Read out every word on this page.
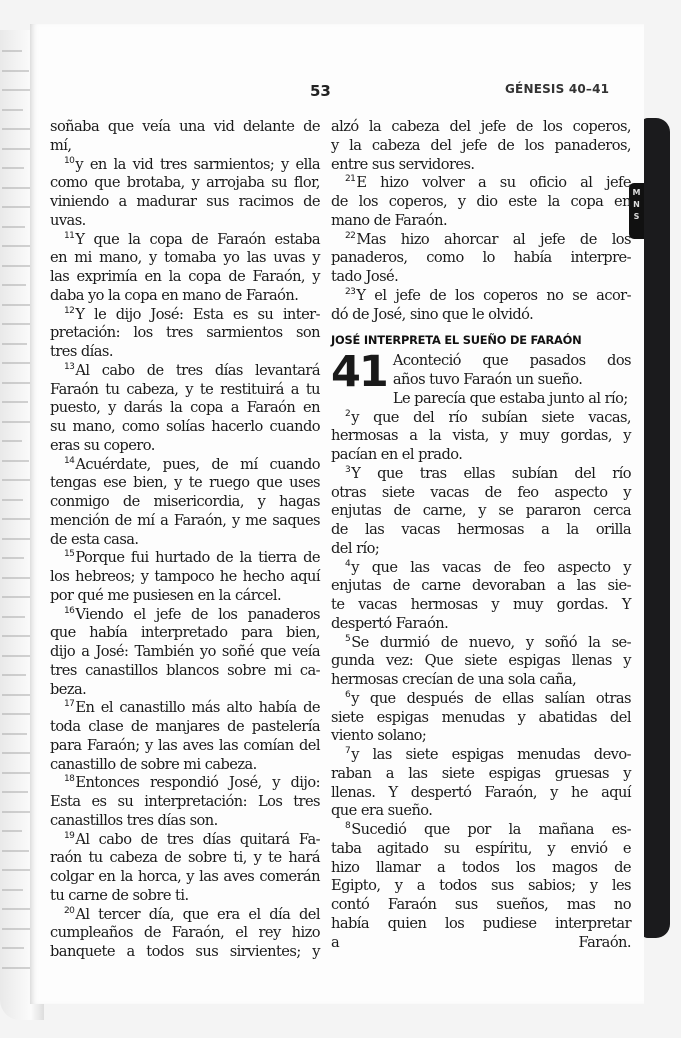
M
N
S
53	GÉNESIS 40–41
soñaba que veía una vid delante de
mí,
$^{10}$y en la vid tres sarmientos; y ella
como que brotaba, y arrojaba su flor,
viniendo a madurar sus racimos de
uvas.
$^{11}$Y que la copa de Faraón estaba
en mi mano, y tomaba yo las uvas y
las exprimía en la copa de Faraón, y
daba yo la copa en mano de Faraón.
$^{12}$Y le dijo José: Esta es su inter-
pretación: los tres sarmientos son
tres días.
$^{13}$Al cabo de tres días levantará
Faraón tu cabeza, y te restituirá a tu
puesto, y darás la copa a Faraón en
su mano, como solías hacerlo cuando
eras su copero.
$^{14}$Acuérdate, pues, de mí cuando
tengas ese bien, y te ruego que uses
conmigo de misericordia, y hagas
mención de mí a Faraón, y me saques
de esta casa.
$^{15}$Porque fui hurtado de la tierra de
los hebreos; y tampoco he hecho aquí
por qué me pusiesen en la cárcel.
$^{16}$Viendo el jefe de los panaderos
que había interpretado para bien,
dijo a José: También yo soñé que veía
tres canastillos blancos sobre mi ca-
beza.
$^{17}$En el canastillo más alto había de
toda clase de manjares de pastelería
para Faraón; y las aves las comían del
canastillo de sobre mi cabeza.
$^{18}$Entonces respondió José, y dijo:
Esta es su interpretación: Los tres
canastillos tres días son.
$^{19}$Al cabo de tres días quitará Fa-
raón tu cabeza de sobre ti, y te hará
colgar en la horca, y las aves comerán
tu carne de sobre ti.
$^{20}$Al tercer día, que era el día del
cumpleaños de Faraón, el rey hizo
banquete a todos sus sirvientes; y
alzó la cabeza del jefe de los coperos,
y la cabeza del jefe de los panaderos,
entre sus servidores.
$^{21}$E hizo volver a su oficio al jefe
de los coperos, y dio este la copa en
mano de Faraón.
$^{22}$Mas hizo ahorcar al jefe de los
panaderos, como lo había interpre-
tado José.
$^{23}$Y el jefe de los coperos no se acor-
dó de José, sino que le olvidó.
JOSÉ INTERPRETA EL SUEÑO DE FARAÓN
41 Aconteció que pasados dos
años tuvo Faraón un sueño.
Le parecía que estaba junto al río;
$^2$y que del río subían siete vacas,
hermosas a la vista, y muy gordas, y
pacían en el prado.
$^3$Y que tras ellas subían del río
otras siete vacas de feo aspecto y
enjutas de carne, y se pararon cerca
de las vacas hermosas a la orilla
del río;
$^4$y que las vacas de feo aspecto y
enjutas de carne devoraban a las sie-
te vacas hermosas y muy gordas. Y
despertó Faraón.
$^5$Se durmió de nuevo, y soñó la se-
gunda vez: Que siete espigas llenas y
hermosas crecían de una sola caña,
$^6$y que después de ellas salían otras
siete espigas menudas y abatidas del
viento solano;
$^7$y las siete espigas menudas devo-
raban a las siete espigas gruesas y
llenas. Y despertó Faraón, y he aquí
que era sueño.
$^8$Sucedió que por la mañana es-
taba agitado su espíritu, y envió e
hizo llamar a todos los magos de
Egipto, y a todos sus sabios; y les
contó Faraón sus sueños, mas no
había quien los pudiese interpretar
a Faraón.
